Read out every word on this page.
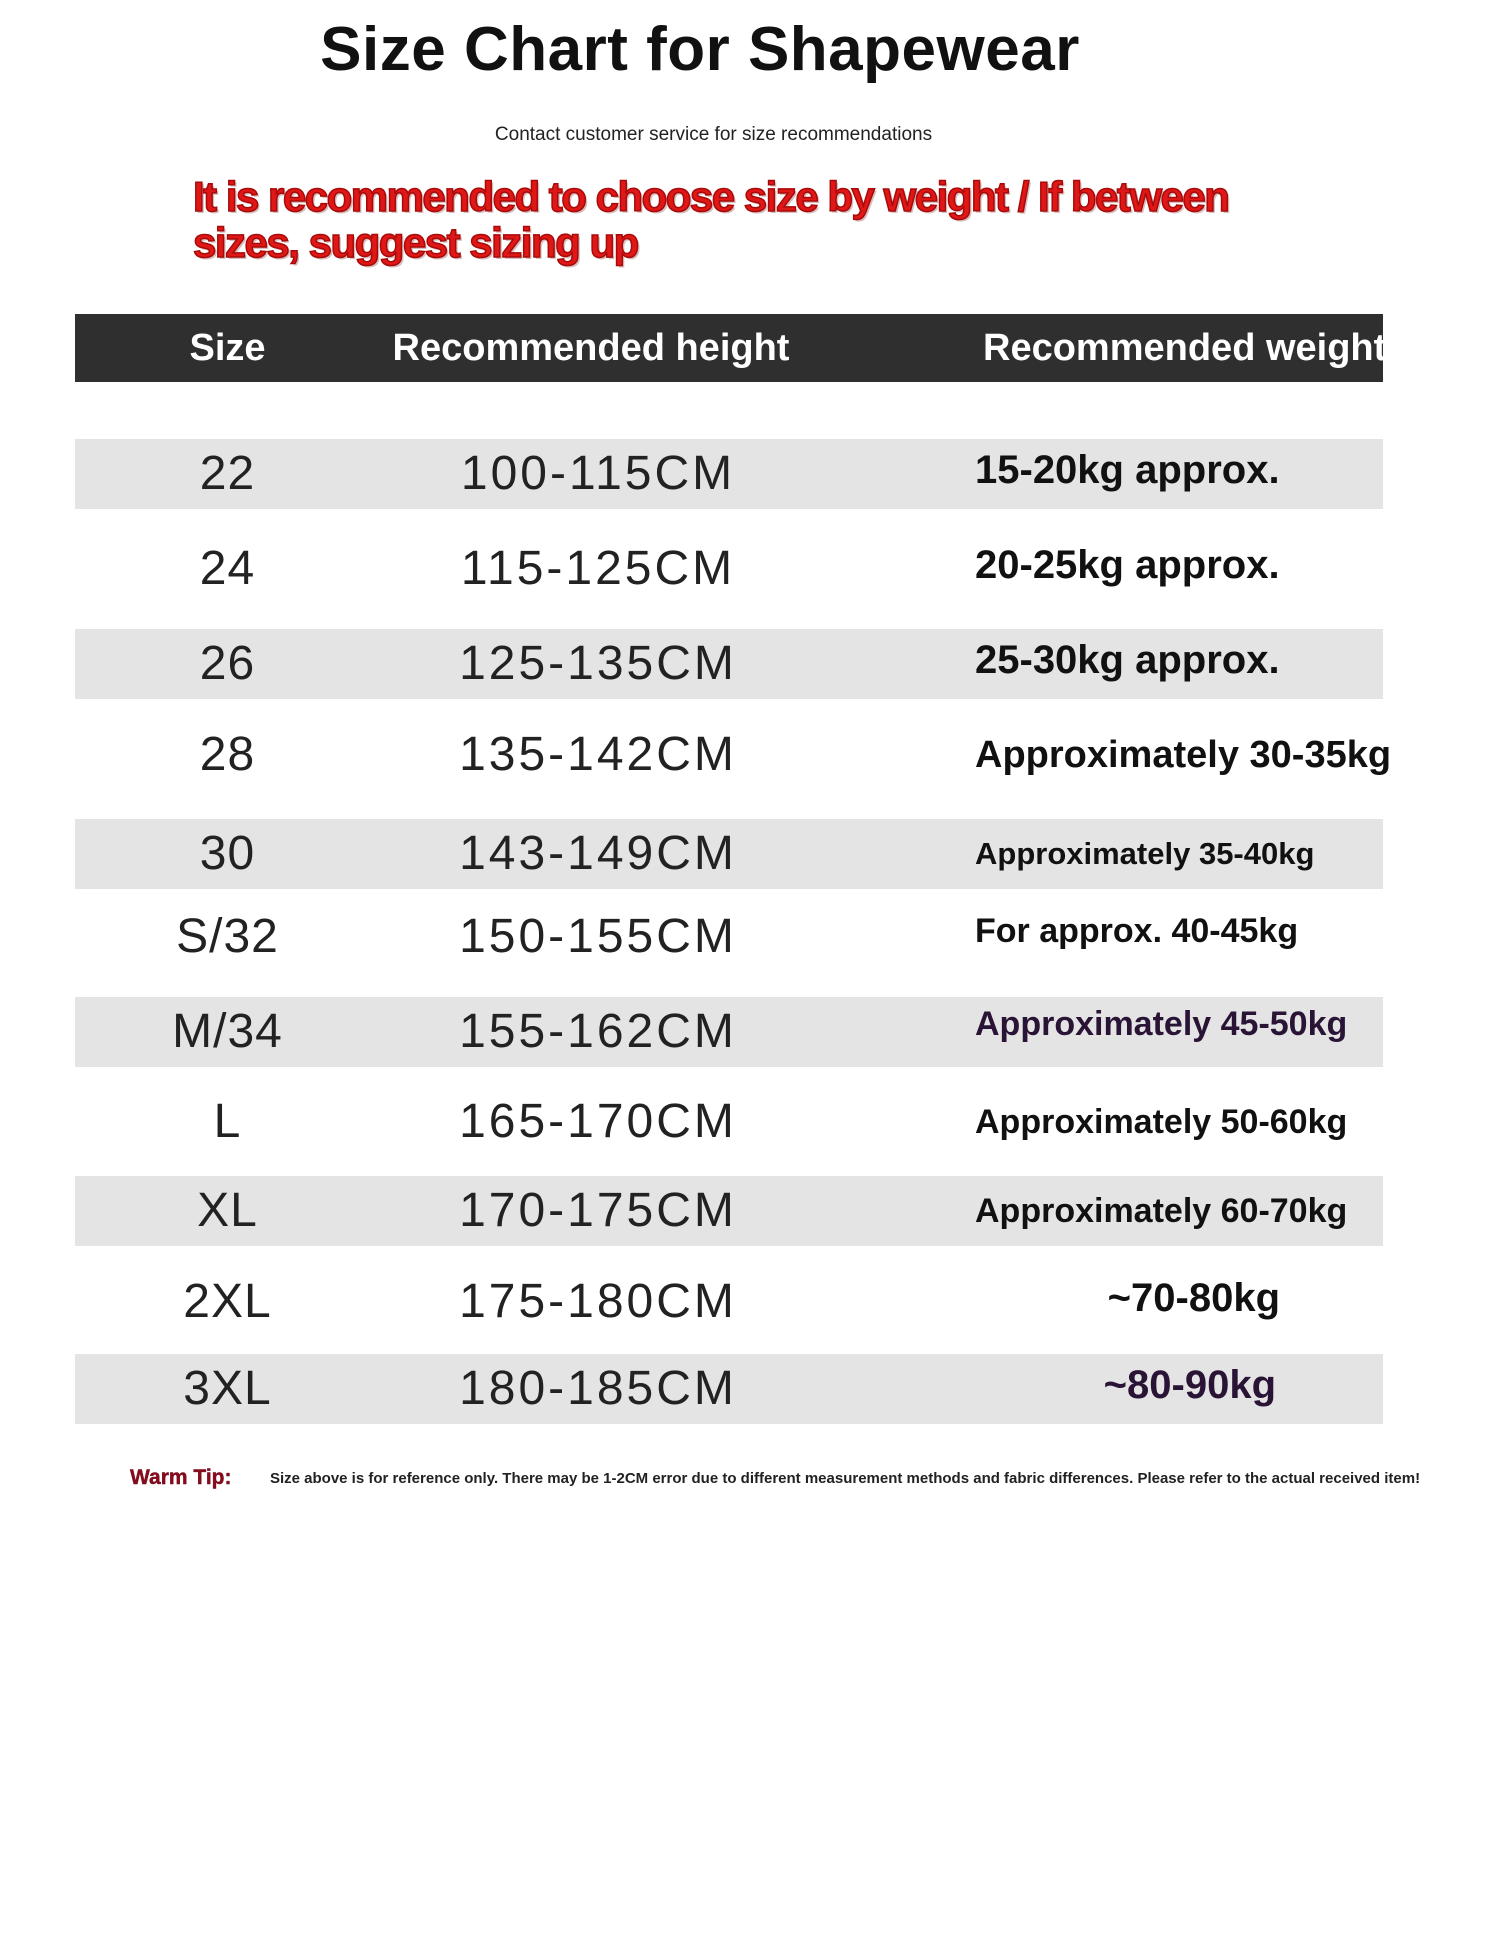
Size Chart for Shapewear
Contact customer service for size recommendations
It is recommended to choose size by weight / If between sizes, suggest sizing up
Size	Recommended height	Recommended weight
22	100-115CM	15-20kg approx.
24	115-125CM	20-25kg approx.
26	125-135CM	25-30kg approx.
28	135-142CM	Approximately 30-35kg
30	143-149CM	Approximately 35-40kg
S/32	150-155CM	For approx. 40-45kg
M/34	155-162CM	Approximately 45-50kg
L	165-170CM	Approximately 50-60kg
XL	170-175CM	Approximately 60-70kg
2XL	175-180CM	~70-80kg
3XL	180-185CM	~80-90kg
Warm Tip:	Size above is for reference only. There may be 1-2CM error due to different measurement methods and fabric differences. Please refer to the actual received item!
